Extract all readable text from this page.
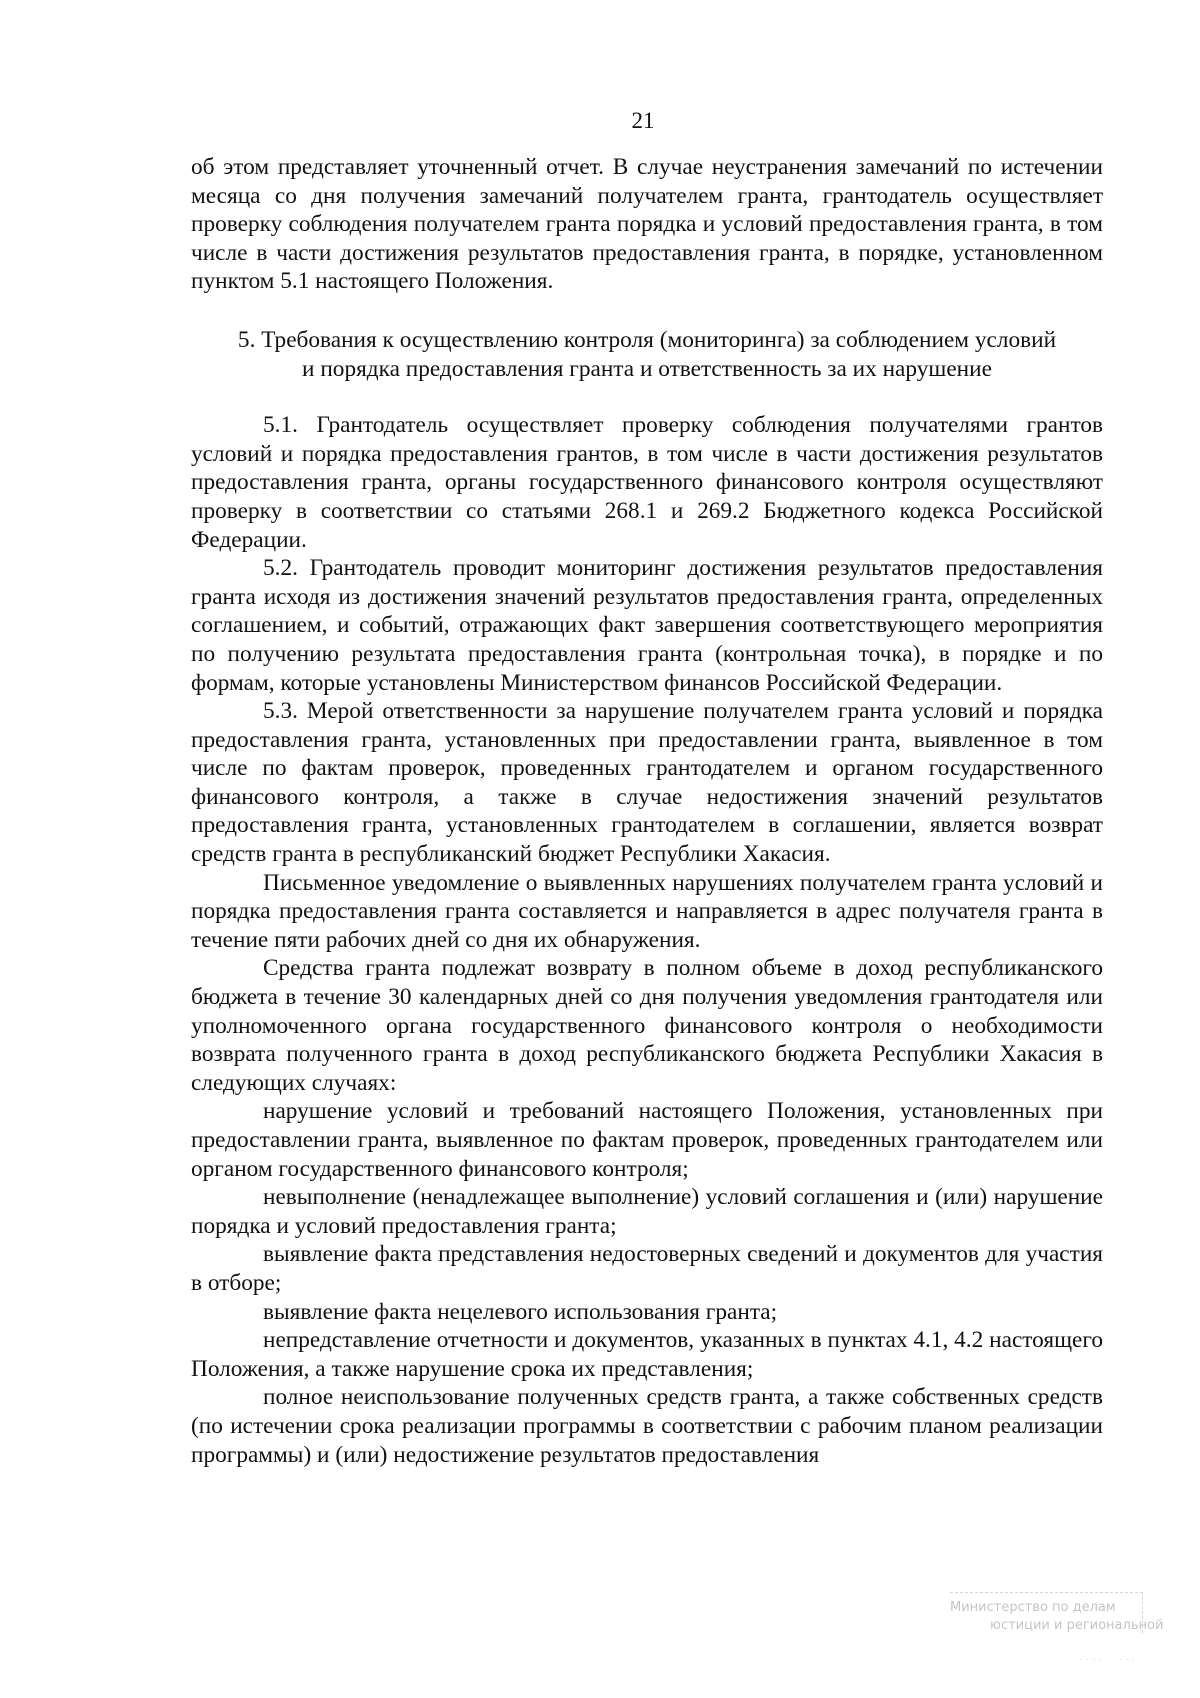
21

об этом представляет уточненный отчет. В случае неустранения замечаний по истечении месяца со дня получения замечаний получателем гранта, грантодатель осуществляет проверку соблюдения получателем гранта порядка и условий предоставления гранта, в том числе в части достижения результатов предоставления гранта, в порядке, установленном пунктом 5.1 настоящего Положения.

5. Требования к осуществлению контроля (мониторинга) за соблюдением условий
и порядка предоставления гранта и ответственность за их нарушение

5.1. Грантодатель осуществляет проверку соблюдения получателями грантов условий и порядка предоставления грантов, в том числе в части достижения результатов предоставления гранта, органы государственного финансового контроля осуществляют проверку в соответствии со статьями 268.1 и 269.2 Бюджетного кодекса Российской Федерации.

5.2. Грантодатель проводит мониторинг достижения результатов предоставления гранта исходя из достижения значений результатов предоставления гранта, определенных соглашением, и событий, отражающих факт завершения соответствующего мероприятия по получению результата предоставления гранта (контрольная точка), в порядке и по формам, которые установлены Министерством финансов Российской Федерации.

5.3. Мерой ответственности за нарушение получателем гранта условий и порядка предоставления гранта, установленных при предоставлении гранта, выявленное в том числе по фактам проверок, проведенных грантодателем и органом государственного финансового контроля, а также в случае недостижения значений результатов предоставления гранта, установленных грантодателем в соглашении, является возврат средств гранта в республиканский бюджет Республики Хакасия.

Письменное уведомление о выявленных нарушениях получателем гранта условий и порядка предоставления гранта составляется и направляется в адрес получателя гранта в течение пяти рабочих дней со дня их обнаружения.

Средства гранта подлежат возврату в полном объеме в доход республиканского бюджета в течение 30 календарных дней со дня получения уведомления грантодателя или уполномоченного органа государственного финансового контроля о необходимости возврата полученного гранта в доход республиканского бюджета Республики Хакасия в следующих случаях:

нарушение условий и требований настоящего Положения, установленных при предоставлении гранта, выявленное по фактам проверок, проведенных грантодателем или органом государственного финансового контроля;

невыполнение (ненадлежащее выполнение) условий соглашения и (или) нарушение порядка и условий предоставления гранта;

выявление факта представления недостоверных сведений и документов для участия в отборе;

выявление факта нецелевого использования гранта;

непредставление отчетности и документов, указанных в пунктах 4.1, 4.2 настоящего Положения, а также нарушение срока их представления;

полное неиспользование полученных средств гранта, а также собственных средств (по истечении срока реализации программы в соответствии с рабочим планом реализации программы) и (или) недостижение результатов предоставления

Министерство по делам
юстиции и региональной
....  ...
